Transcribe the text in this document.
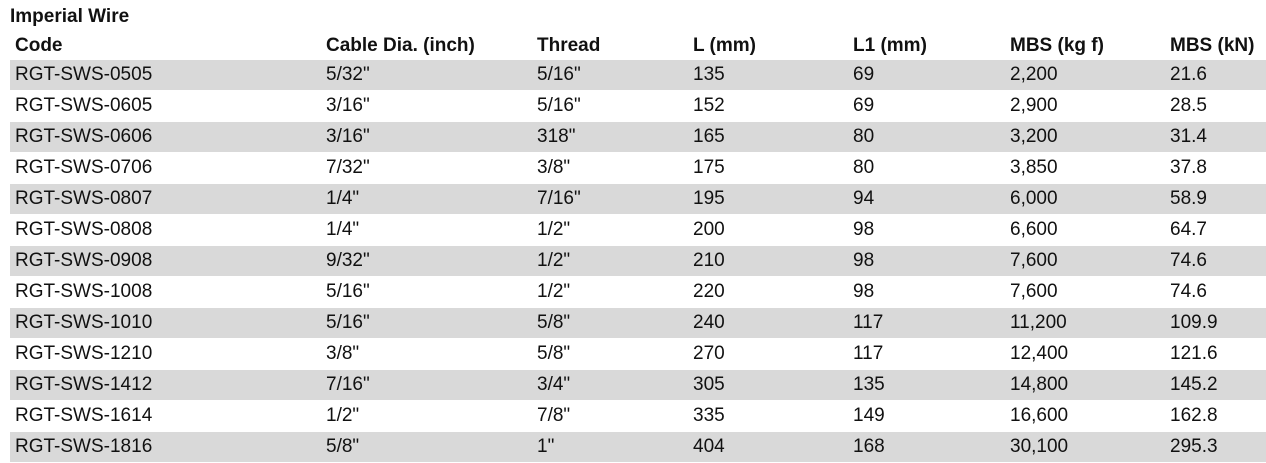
Imperial Wire
Code	Cable Dia. (inch)	Thread	L (mm)	L1 (mm)	MBS (kg f)	MBS (kN)
RGT-SWS-0505	5/32"	5/16"	135	69	2,200	21.6
RGT-SWS-0605	3/16"	5/16"	152	69	2,900	28.5
RGT-SWS-0606	3/16"	318"	165	80	3,200	31.4
RGT-SWS-0706	7/32"	3/8"	175	80	3,850	37.8
RGT-SWS-0807	1/4"	7/16"	195	94	6,000	58.9
RGT-SWS-0808	1/4"	1/2"	200	98	6,600	64.7
RGT-SWS-0908	9/32"	1/2"	210	98	7,600	74.6
RGT-SWS-1008	5/16"	1/2"	220	98	7,600	74.6
RGT-SWS-1010	5/16"	5/8"	240	117	11,200	109.9
RGT-SWS-1210	3/8"	5/8"	270	117	12,400	121.6
RGT-SWS-1412	7/16"	3/4"	305	135	14,800	145.2
RGT-SWS-1614	1/2"	7/8"	335	149	16,600	162.8
RGT-SWS-1816	5/8"	1"	404	168	30,100	295.3
